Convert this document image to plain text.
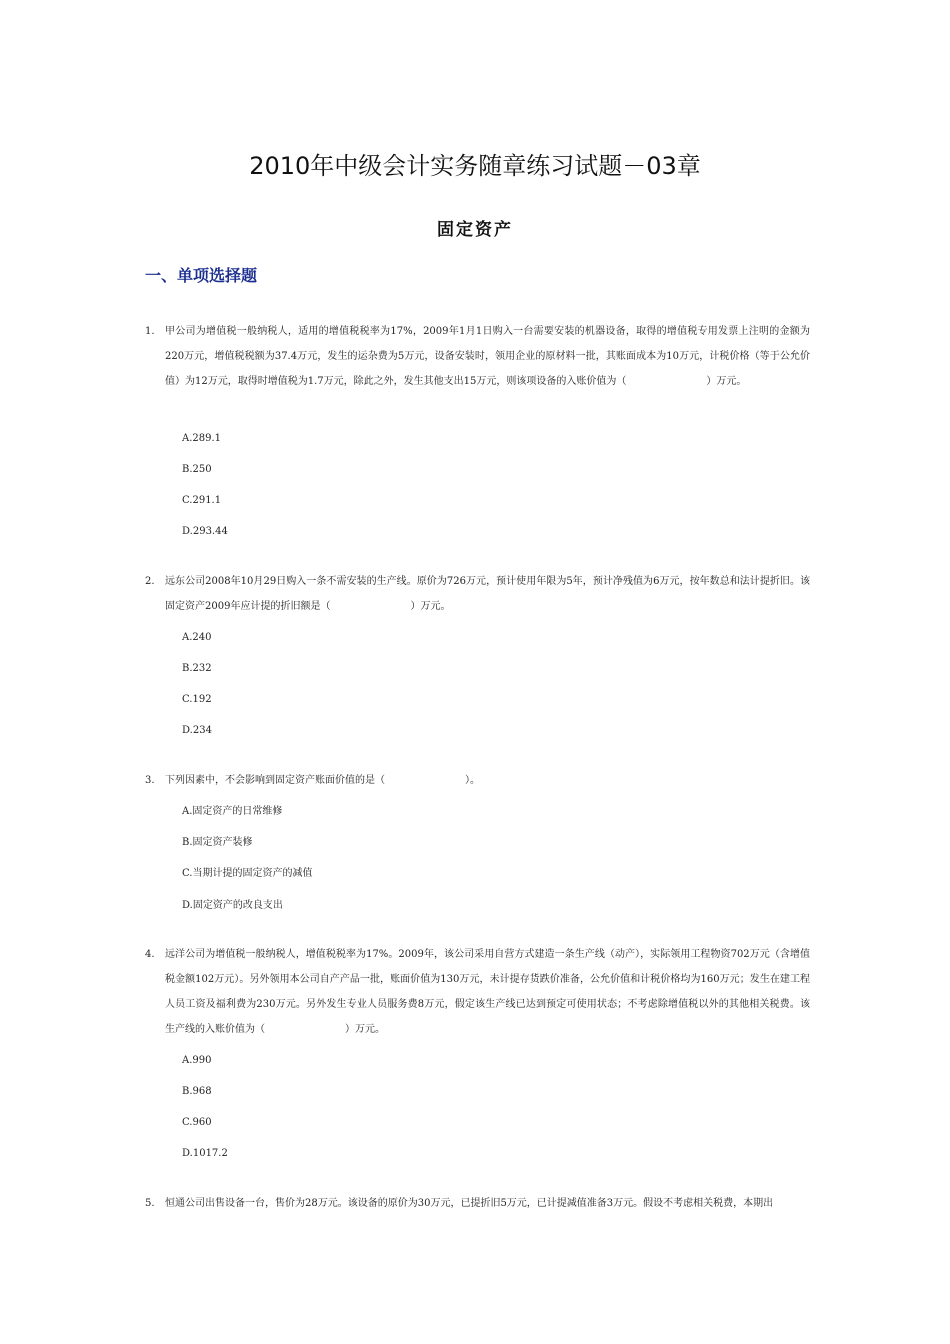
2010年中级会计实务随章练习试题－03章
固定资产
一、单项选择题
1. 甲公司为增值税一般纳税人，适用的增值税税率为17%，2009年1月1日购入一台需要安装的机器设备，取得的增值税专用发票上注明的金额为220万元，增值税税额为37.4万元，发生的运杂费为5万元，设备安装时，领用企业的原材料一批，其账面成本为10万元，计税价格（等于公允价值）为12万元，取得时增值税为1.7万元，除此之外，发生其他支出15万元，则该项设备的入账价值为（　　　　　　　　）万元。
A.289.1
B.250
C.291.1
D.293.44
2. 远东公司2008年10月29日购入一条不需安装的生产线。原价为726万元，预计使用年限为5年，预计净残值为6万元，按年数总和法计提折旧。该固定资产2009年应计提的折旧额是（　　　　　　　　）万元。
A.240
B.232
C.192
D.234
3. 下列因素中，不会影响到固定资产账面价值的是（　　　　　　　　）。
A.固定资产的日常维修
B.固定资产装修
C.当期计提的固定资产的减值
D.固定资产的改良支出
4. 远洋公司为增值税一般纳税人，增值税税率为17%。2009年，该公司采用自营方式建造一条生产线（动产），实际领用工程物资702万元（含增值税金额102万元）。另外领用本公司自产产品一批，账面价值为130万元，未计提存货跌价准备，公允价值和计税价格均为160万元；发生在建工程人员工资及福利费为230万元。另外发生专业人员服务费8万元，假定该生产线已达到预定可使用状态；不考虑除增值税以外的其他相关税费。该生产线的入账价值为（　　　　　　　　）万元。
A.990
B.968
C.960
D.1017.2
5. 恒通公司出售设备一台，售价为28万元。该设备的原价为30万元，已提折旧5万元，已计提减值准备3万元。假设不考虑相关税费，本期出
